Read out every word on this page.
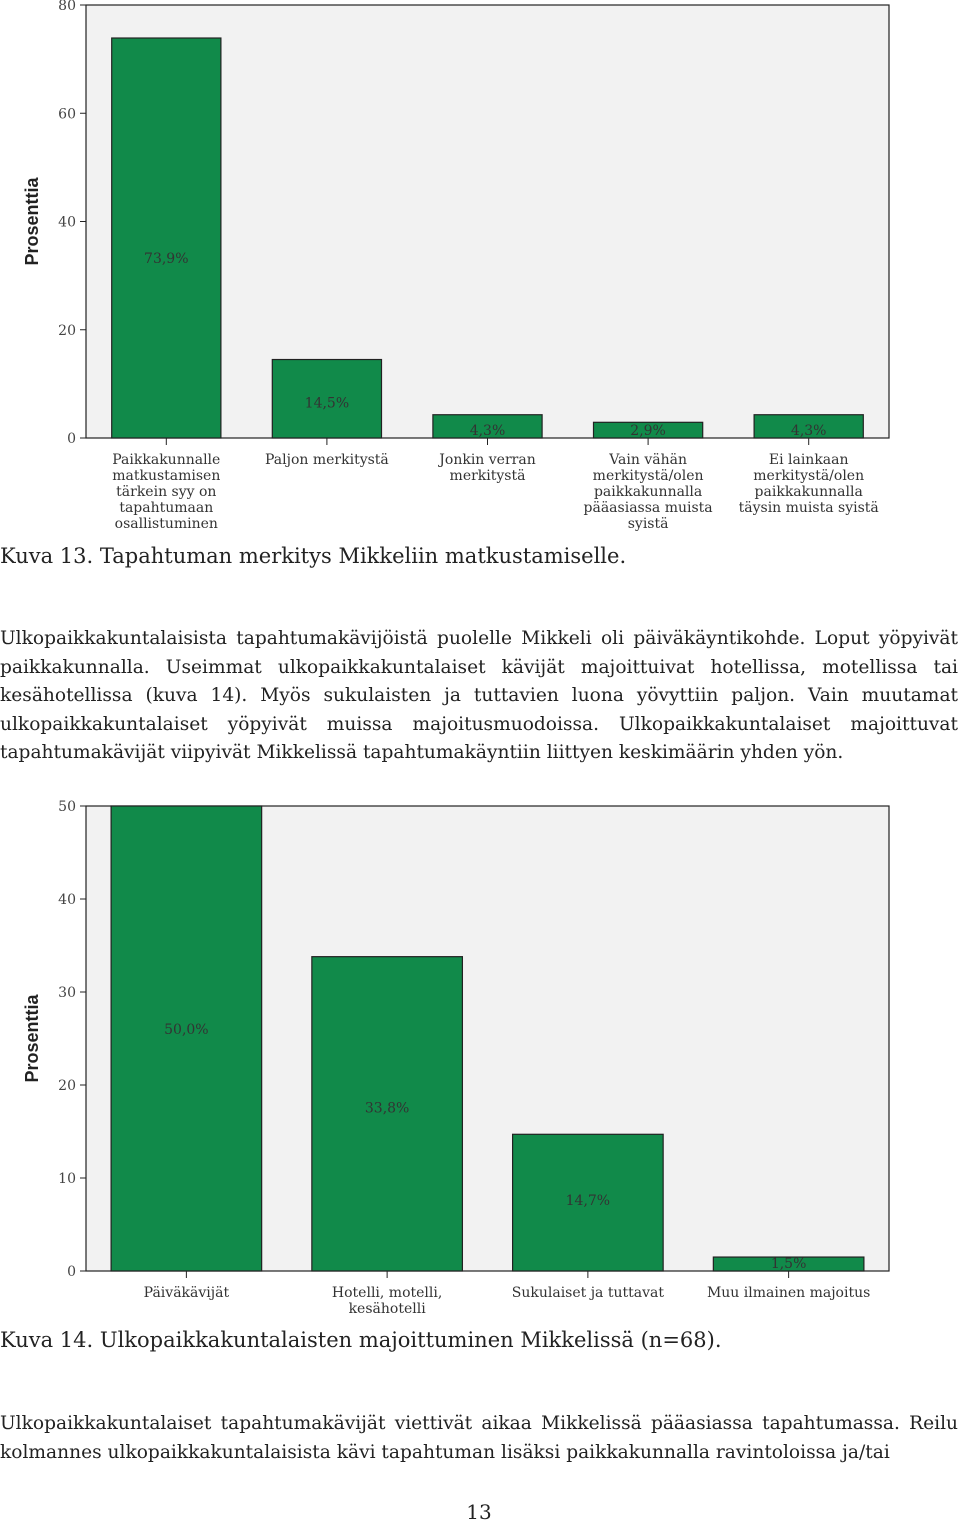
0
20
40
60
80
Prosenttia	73,9%
Paikkakunnalle
matkustamisen
tärkein syy on
tapahtumaan
osallistuminen
14,5%
Paljon merkitystä
4,3%
Jonkin verran
merkitystä
2,9%
Vain vähän
merkitystä/olen
paikkakunnalla
pääasiassa muista
syistä
4,3%
Ei lainkaan
merkitystä/olen
paikkakunnalla
täysin muista syistä
Kuva 13. Tapahtuman merkitys Mikkeliin matkustamiselle.
Ulkopaikkakuntalaisista tapahtumakävijöistä puolelle Mikkeli oli päiväkäyntikohde. Loput yöpyivät paikkakunnalla. Useimmat ulkopaikkakuntalaiset kävijät majoittuivat hotellissa, motellissa tai kesähotellissa (kuva 14). Myös sukulaisten ja tuttavien luona yövyttiin paljon. Vain muutamat ulkopaikkakuntalaiset yöpyivät muissa majoitusmuodoissa. Ulkopaikkakuntalaiset majoittuvat tapahtumakävijät viipyivät Mikkelissä tapahtumakäyntiin liittyen keskimäärin yhden yön.
0
10
20
30
40
50
Prosenttia	50,0%
Päiväkävijät
33,8%
Hotelli, motelli,
kesähotelli
14,7%
Sukulaiset ja tuttavat
1,5%
Muu ilmainen majoitus
Kuva 14. Ulkopaikkakuntalaisten majoittuminen Mikkelissä (n=68).
Ulkopaikkakuntalaiset tapahtumakävijät viettivät aikaa Mikkelissä pääasiassa tapahtumassa. Reilu kolmannes ulkopaikkakuntalaisista kävi tapahtuman lisäksi paikkakunnalla ravintoloissa ja/tai
13
